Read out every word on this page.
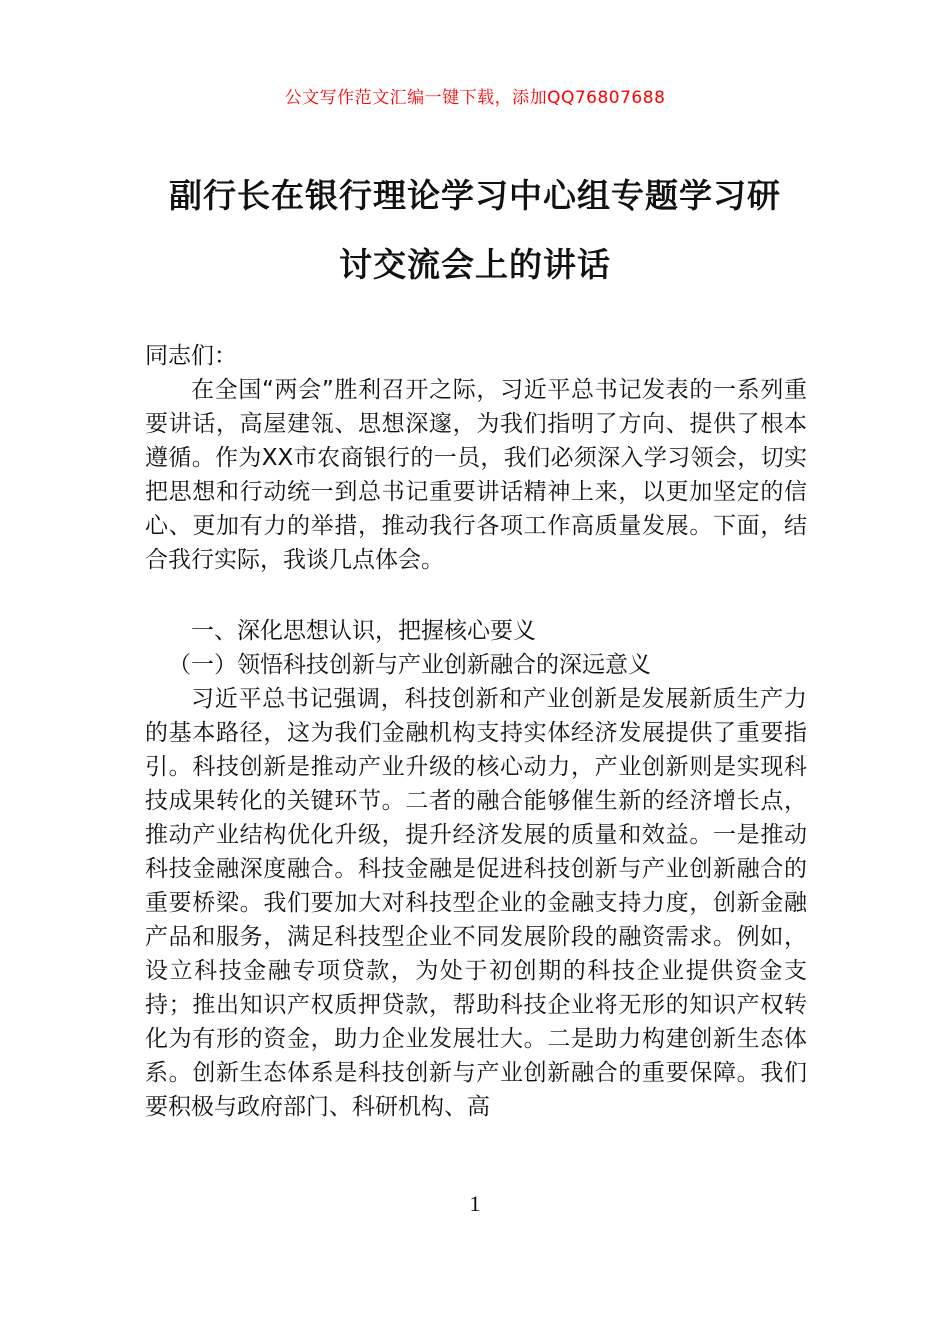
公文写作范文汇编一键下载，添加QQ76807688
副行长在银行理论学习中心组专题学习研
讨交流会上的讲话

同志们：

在全国“两会”胜利召开之际，习近平总书记发表的一系列重要讲话，高屋建瓴、思想深邃，为我们指明了方向、提供了根本遵循。作为XX市农商银行的一员，我们必须深入学习领会，切实把思想和行动统一到总书记重要讲话精神上来，以更加坚定的信心、更加有力的举措，推动我行各项工作高质量发展。下面，结合我行实际，我谈几点体会。

一、深化思想认识，把握核心要义

（一）领悟科技创新与产业创新融合的深远意义

习近平总书记强调，科技创新和产业创新是发展新质生产力的基本路径，这为我们金融机构支持实体经济发展提供了重要指引。科技创新是推动产业升级的核心动力，产业创新则是实现科技成果转化的关键环节。二者的融合能够催生新的经济增长点，推动产业结构优化升级，提升经济发展的质量和效益。一是推动科技金融深度融合。科技金融是促进科技创新与产业创新融合的重要桥梁。我们要加大对科技型企业的金融支持力度，创新金融产品和服务，满足科技型企业不同发展阶段的融资需求。例如，设立科技金融专项贷款，为处于初创期的科技企业提供资金支持；推出知识产权质押贷款，帮助科技企业将无形的知识产权转化为有形的资金，助力企业发展壮大。二是助力构建创新生态体系。创新生态体系是科技创新与产业创新融合的重要保障。我们要积极与政府部门、科研机构、高

1
